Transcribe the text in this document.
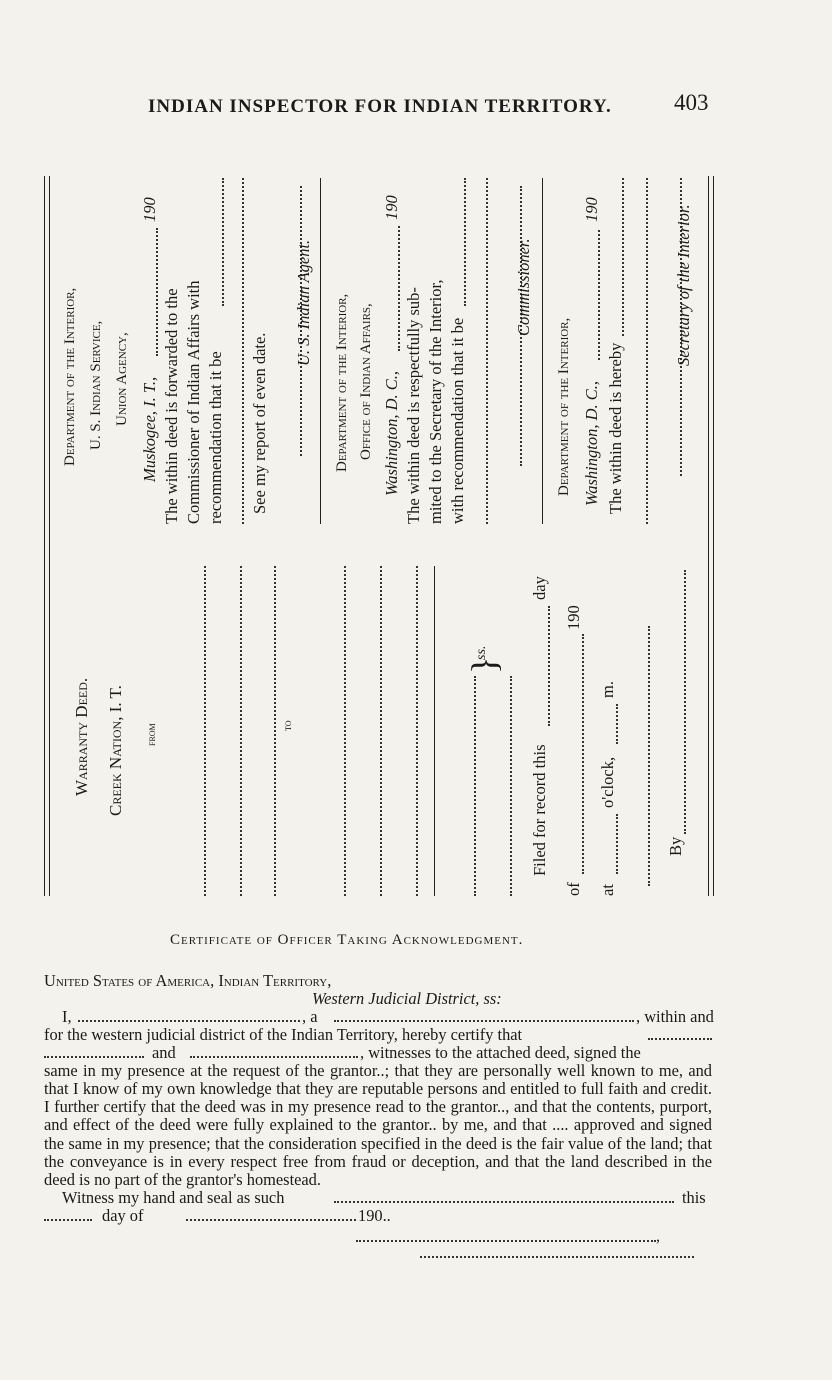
INDIAN INSPECTOR FOR INDIAN TERRITORY.	403
Warranty Deed. Creek Nation, I. T. from	to
}
ss.
Filed for record this
day
of
190
at
o'clock,
m.
By
Department of the Interior, U. S. Indian Service, Union Agency, Muskogee, I. T.,
190
The within deed is forwarded to the Commissioner of Indian Affairs with recommendation that it be See my report of even date.
U. S. Indian Agent. Department of the Interior, Office of Indian Affairs, Washington, D. C.,
190
The within deed is respectfully sub- mited to the Secretary of the Interior, with recommendation that it be
Commissioner.
Department of the Interior, Washington, D. C.,
190
The within deed is hereby
Secretary of the Interior.
Certificate of Officer Taking Acknowledgment.
United States of America, Indian Territory,
Western Judicial District, ss:
I,	, a	, within and
for the western judicial district of the Indian Territory, hereby certify that
and	, witnesses to the attached deed, signed the

same in my presence at the request of the grantor..; that they are personally well known to me, and that I know of my own knowledge that they are reputable persons and entitled to full faith and credit. I further certify that the deed was in my presence read to the grantor.., and that the contents, purport, and effect of the deed were fully explained to the grantor.. by me, and that .... approved and signed the same in my presence; that the consideration specified in the deed is the fair value of the land; that the conveyance is in every respect free from fraud or deception, and that the land described in the deed is no part of the grantor's homestead.

Witness my hand and seal as such	this
day of	190..
,
